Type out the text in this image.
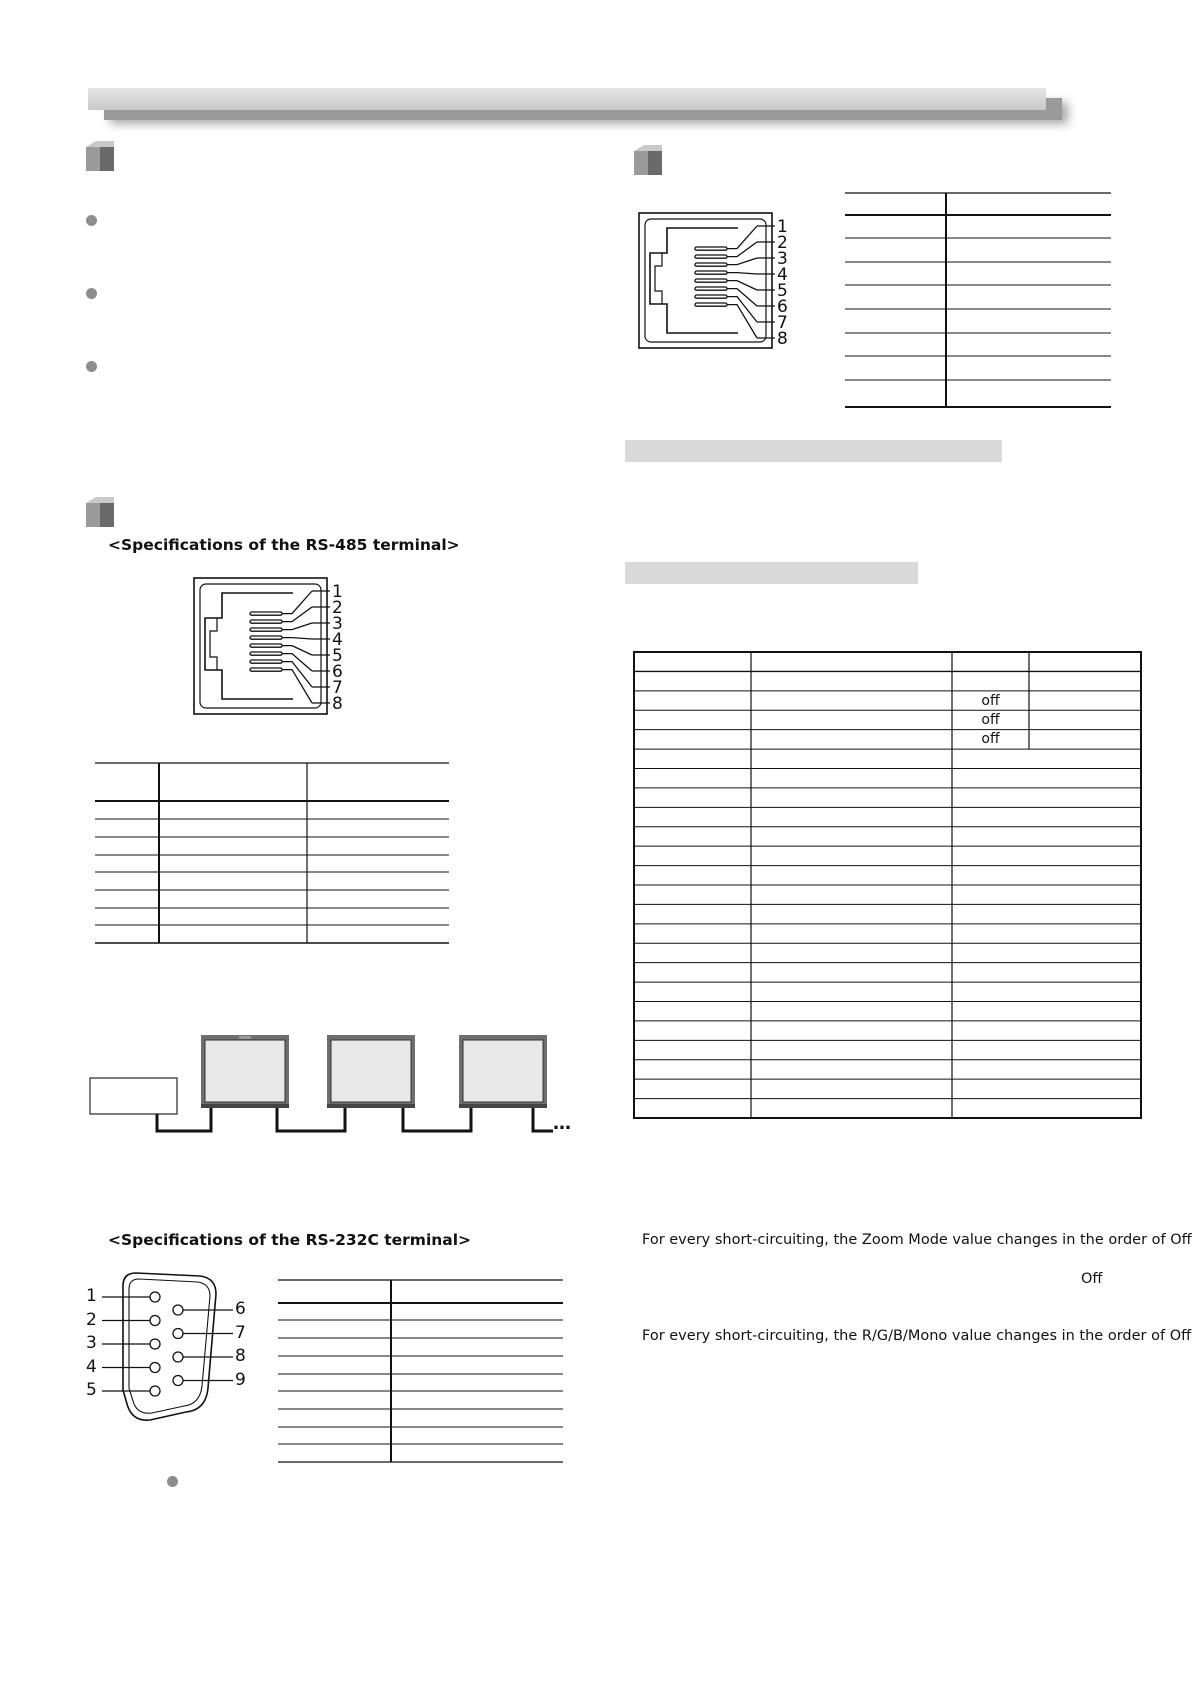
<Specifications of the RS-485 terminal>
<Specifications of the RS-232C terminal>
1
2
3
4
5
6
7
8
1
2
3
4
5
6
7
8
1
2
3
4
5
6
7
8
9
off
off
off
…
For every short-circuiting, the Zoom Mode value changes in the order of Off
Off
For every short-circuiting, the R/G/B/Mono value changes in the order of Off
